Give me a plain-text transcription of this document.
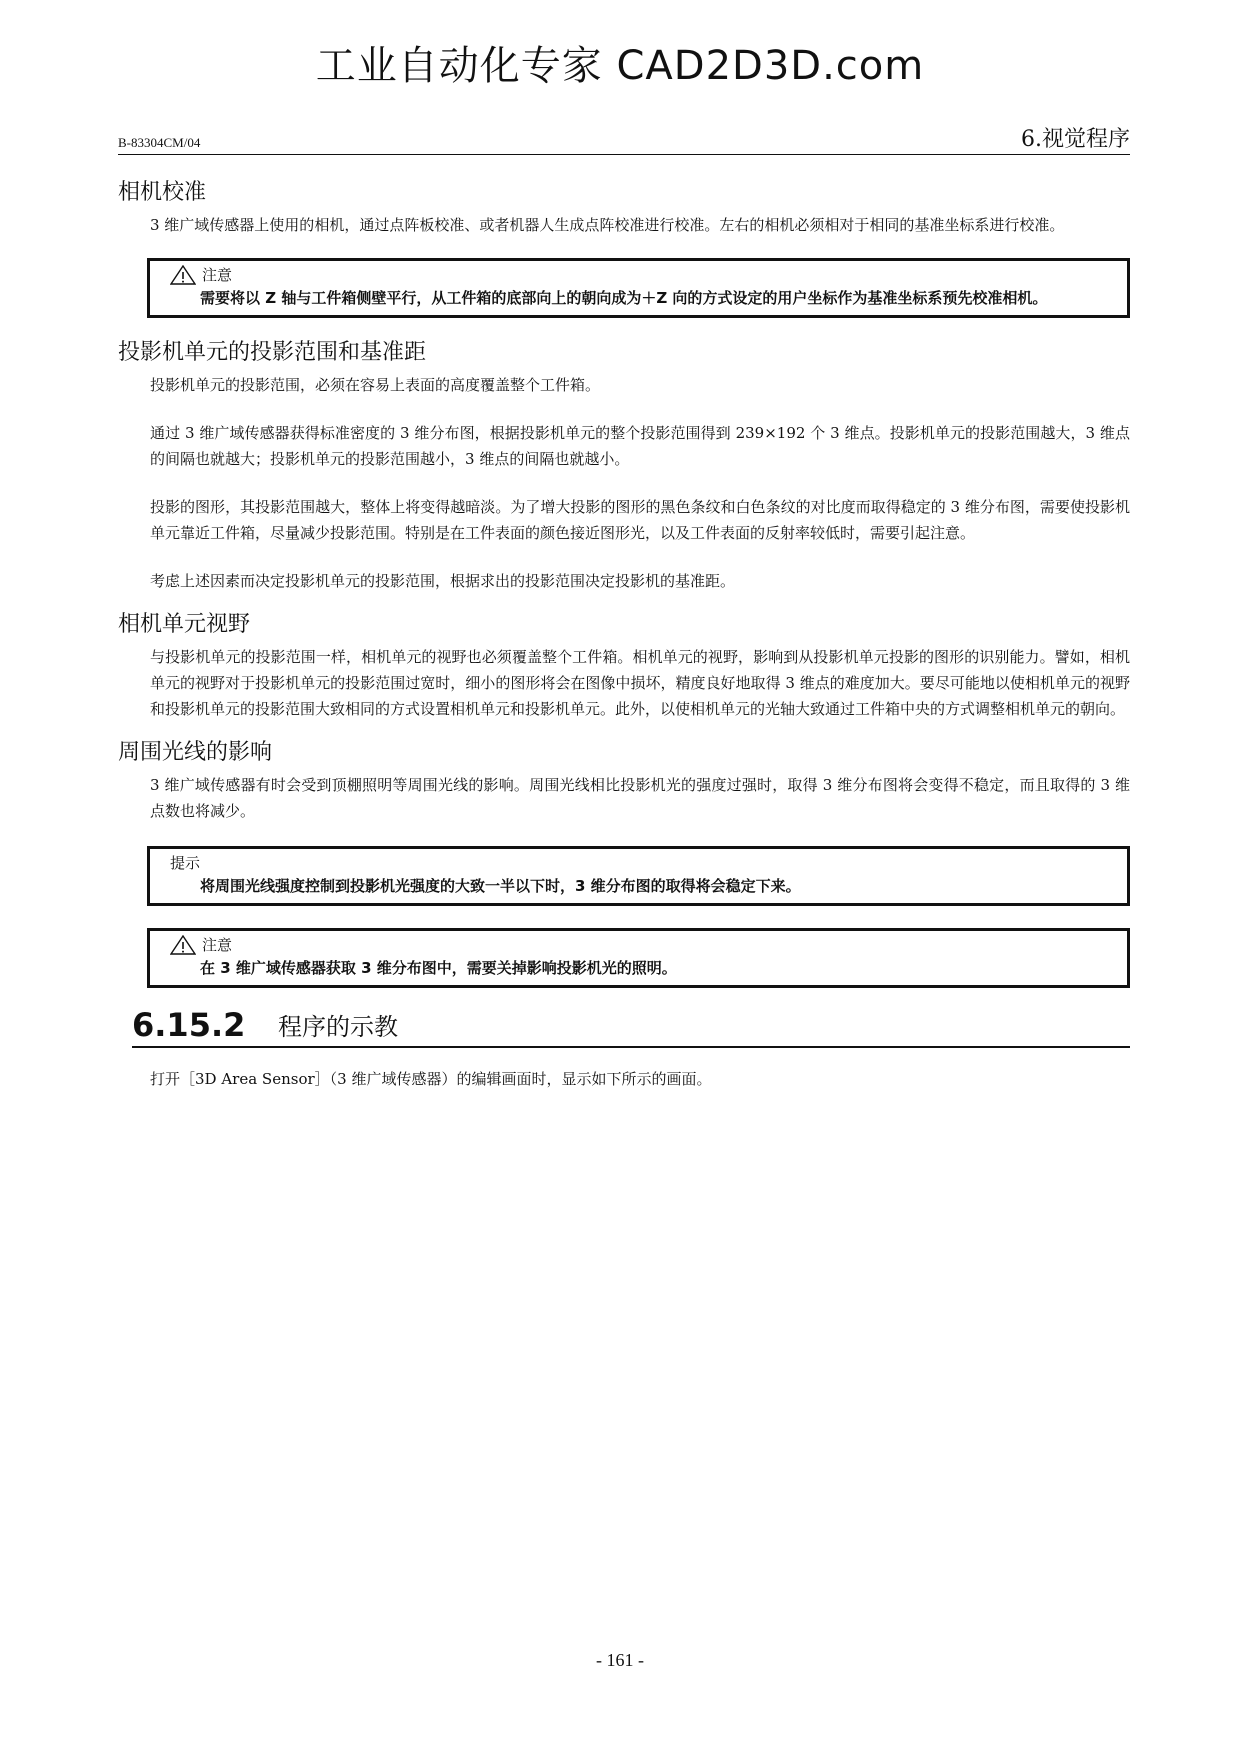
工业自动化专家 CAD2D3D.com
B-83304CM/04	6.视觉程序
相机校准

3 维广域传感器上使用的相机，通过点阵板校准、或者机器人生成点阵校准进行校准。左右的相机必须相对于相同的基准坐标系进行校准。

注意
需要将以 Z 轴与工件箱侧壁平行，从工件箱的底部向上的朝向成为＋Z 向的方式设定的用户坐标作为基准坐标系预先校准相机。
投影机单元的投影范围和基准距

投影机单元的投影范围，必须在容易上表面的高度覆盖整个工件箱。

通过 3 维广域传感器获得标准密度的 3 维分布图，根据投影机单元的整个投影范围得到 239×192 个 3 维点。投影机单元的投影范围越大，3 维点的间隔也就越大；投影机单元的投影范围越小，3 维点的间隔也就越小。

投影的图形，其投影范围越大，整体上将变得越暗淡。为了增大投影的图形的黑色条纹和白色条纹的对比度而取得稳定的 3 维分布图，需要使投影机单元靠近工件箱，尽量减少投影范围。特别是在工件表面的颜色接近图形光，以及工件表面的反射率较低时，需要引起注意。

考虑上述因素而决定投影机单元的投影范围，根据求出的投影范围决定投影机的基准距。

相机单元视野

与投影机单元的投影范围一样，相机单元的视野也必须覆盖整个工件箱。相机单元的视野，影响到从投影机单元投影的图形的识别能力。譬如，相机单元的视野对于投影机单元的投影范围过宽时，细小的图形将会在图像中损坏，精度良好地取得 3 维点的难度加大。要尽可能地以使相机单元的视野和投影机单元的投影范围大致相同的方式设置相机单元和投影机单元。此外，以使相机单元的光轴大致通过工件箱中央的方式调整相机单元的朝向。

周围光线的影响

3 维广域传感器有时会受到顶棚照明等周围光线的影响。周围光线相比投影机光的强度过强时，取得 3 维分布图将会变得不稳定，而且取得的 3 维点数也将减少。

提示
将周围光线强度控制到投影机光强度的大致一半以下时，3 维分布图的取得将会稳定下来。
注意
在 3 维广域传感器获取 3 维分布图中，需要关掉影响投影机光的照明。
6.15.2 程序的示教

打开［3D Area Sensor］（3 维广域传感器）的编辑画面时，显示如下所示的画面。

- 161 -
